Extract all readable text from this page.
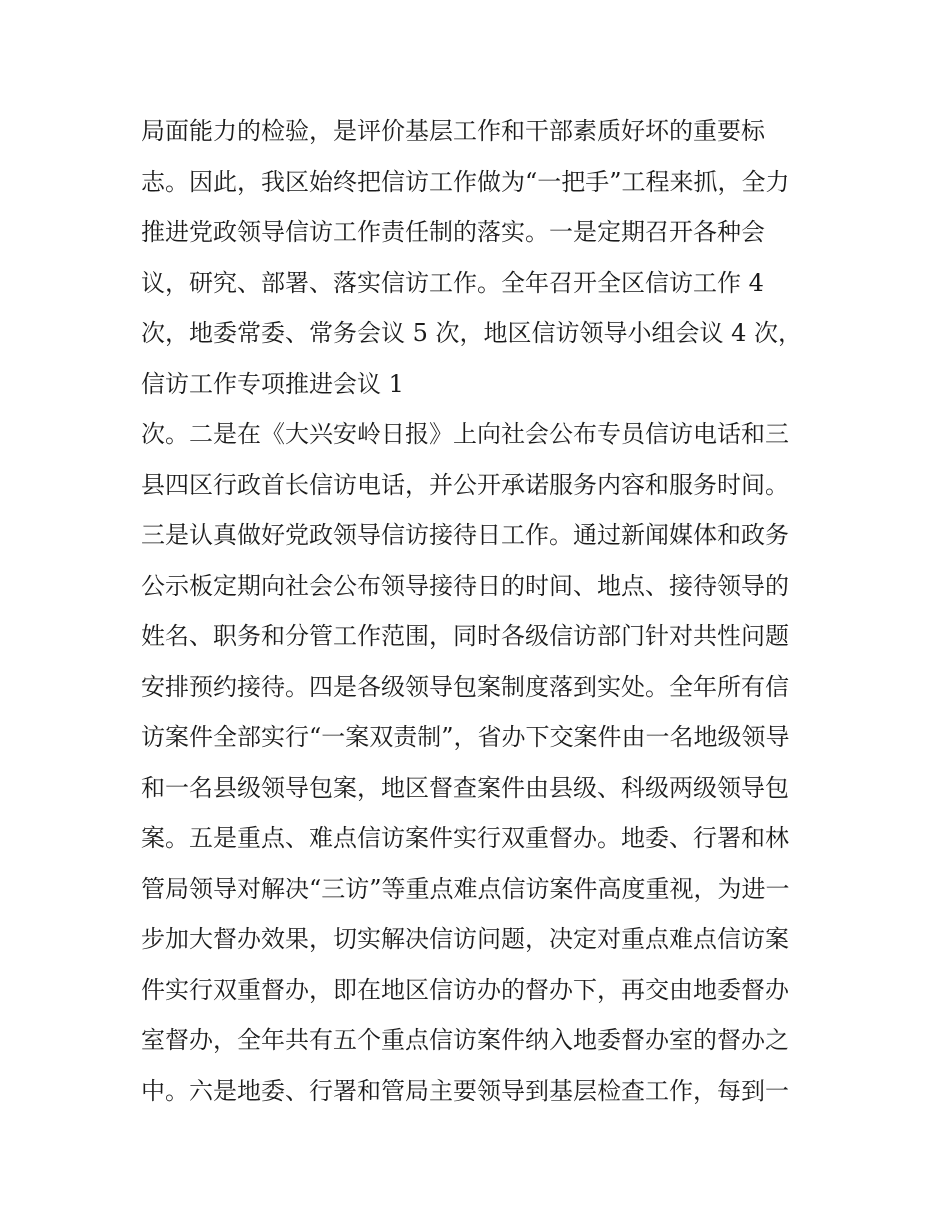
局面能力的检验，是评价基层工作和干部素质好坏的重要标
志。因此，我区始终把信访工作做为“一把手”工程来抓，全力
推进党政领导信访工作责任制的落实。一是定期召开各种会
议，研究、部署、落实信访工作。全年召开全区信访工作 4
次，地委常委、常务会议 5 次，地区信访领导小组会议 4 次，
信访工作专项推进会议 1
次。二是在《大兴安岭日报》上向社会公布专员信访电话和三
县四区行政首长信访电话，并公开承诺服务内容和服务时间。
三是认真做好党政领导信访接待日工作。通过新闻媒体和政务
公示板定期向社会公布领导接待日的时间、地点、接待领导的
姓名、职务和分管工作范围，同时各级信访部门针对共性问题
安排预约接待。四是各级领导包案制度落到实处。全年所有信
访案件全部实行“一案双责制”，省办下交案件由一名地级领导
和一名县级领导包案，地区督查案件由县级、科级两级领导包
案。五是重点、难点信访案件实行双重督办。地委、行署和林
管局领导对解决“三访”等重点难点信访案件高度重视，为进一
步加大督办效果，切实解决信访问题，决定对重点难点信访案
件实行双重督办，即在地区信访办的督办下，再交由地委督办
室督办，全年共有五个重点信访案件纳入地委督办室的督办之
中。六是地委、行署和管局主要领导到基层检查工作，每到一
